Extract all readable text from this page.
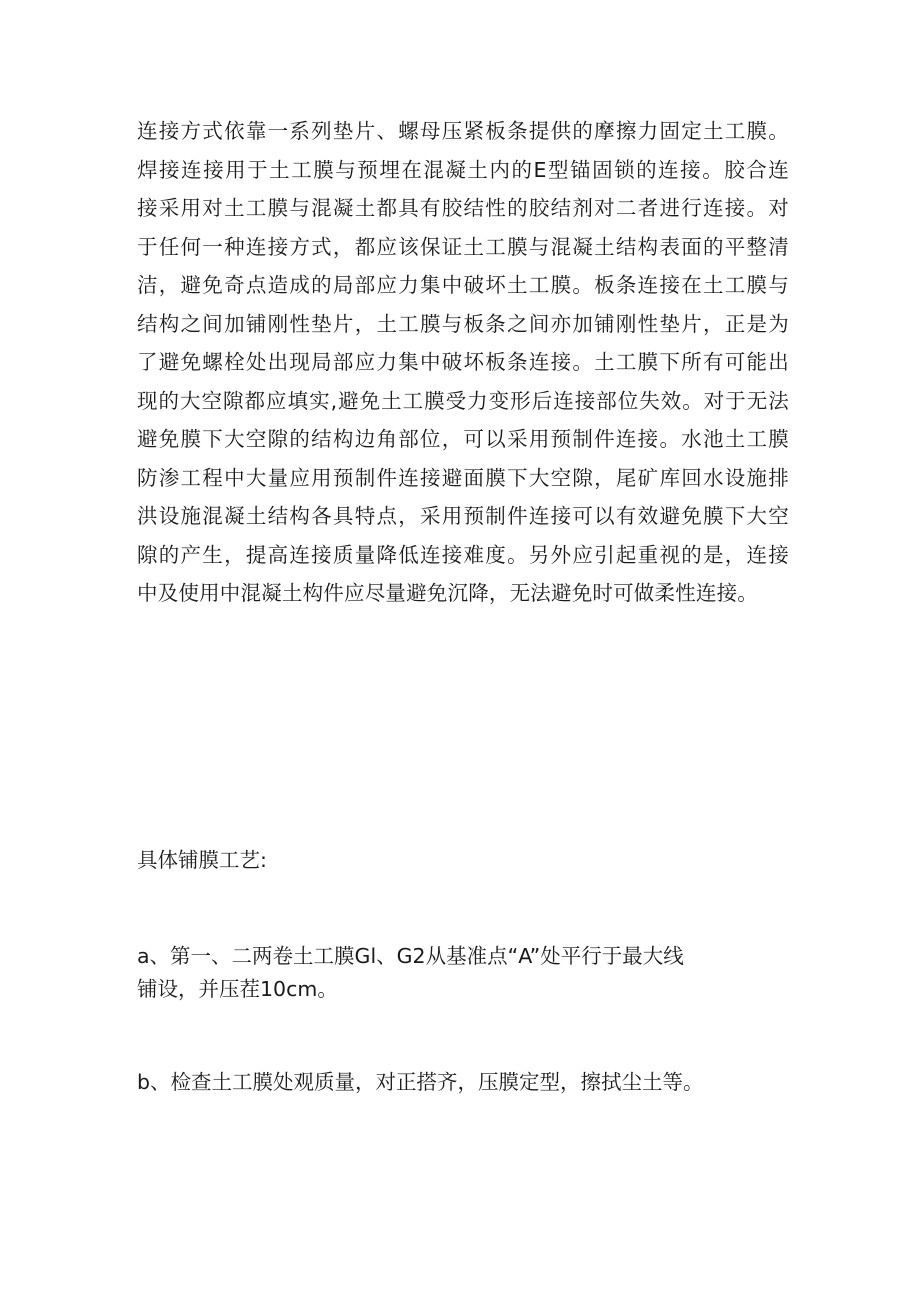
连接方式依靠一系列垫片、螺母压紧板条提供的摩擦力固定土工膜。
焊接连接用于土工膜与预埋在混凝土内的E型锚固锁的连接。胶合连
接采用对土工膜与混凝土都具有胶结性的胶结剂对二者进行连接。对
于任何一种连接方式，都应该保证土工膜与混凝土结构表面的平整清
洁，避免奇点造成的局部应力集中破坏土工膜。板条连接在土工膜与
结构之间加铺刚性垫片，土工膜与板条之间亦加铺刚性垫片，正是为
了避免螺栓处出现局部应力集中破坏板条连接。土工膜下所有可能出
现的大空隙都应填实,避免土工膜受力变形后连接部位失效。对于无法
避免膜下大空隙的结构边角部位，可以采用预制件连接。水池土工膜
防渗工程中大量应用预制件连接避面膜下大空隙，尾矿库回水设施排
洪设施混凝土结构各具特点，采用预制件连接可以有效避免膜下大空
隙的产生，提高连接质量降低连接难度。另外应引起重视的是，连接
中及使用中混凝土构件应尽量避免沉降，无法避免时可做柔性连接。
具体铺膜工艺:

a、第一、二两卷土工膜Gl、G2从基准点“A”处平行于最大线
铺设，并压茬10cm。

b、检查土工膜处观质量，对正搭齐，压膜定型，擦拭尘土等。
